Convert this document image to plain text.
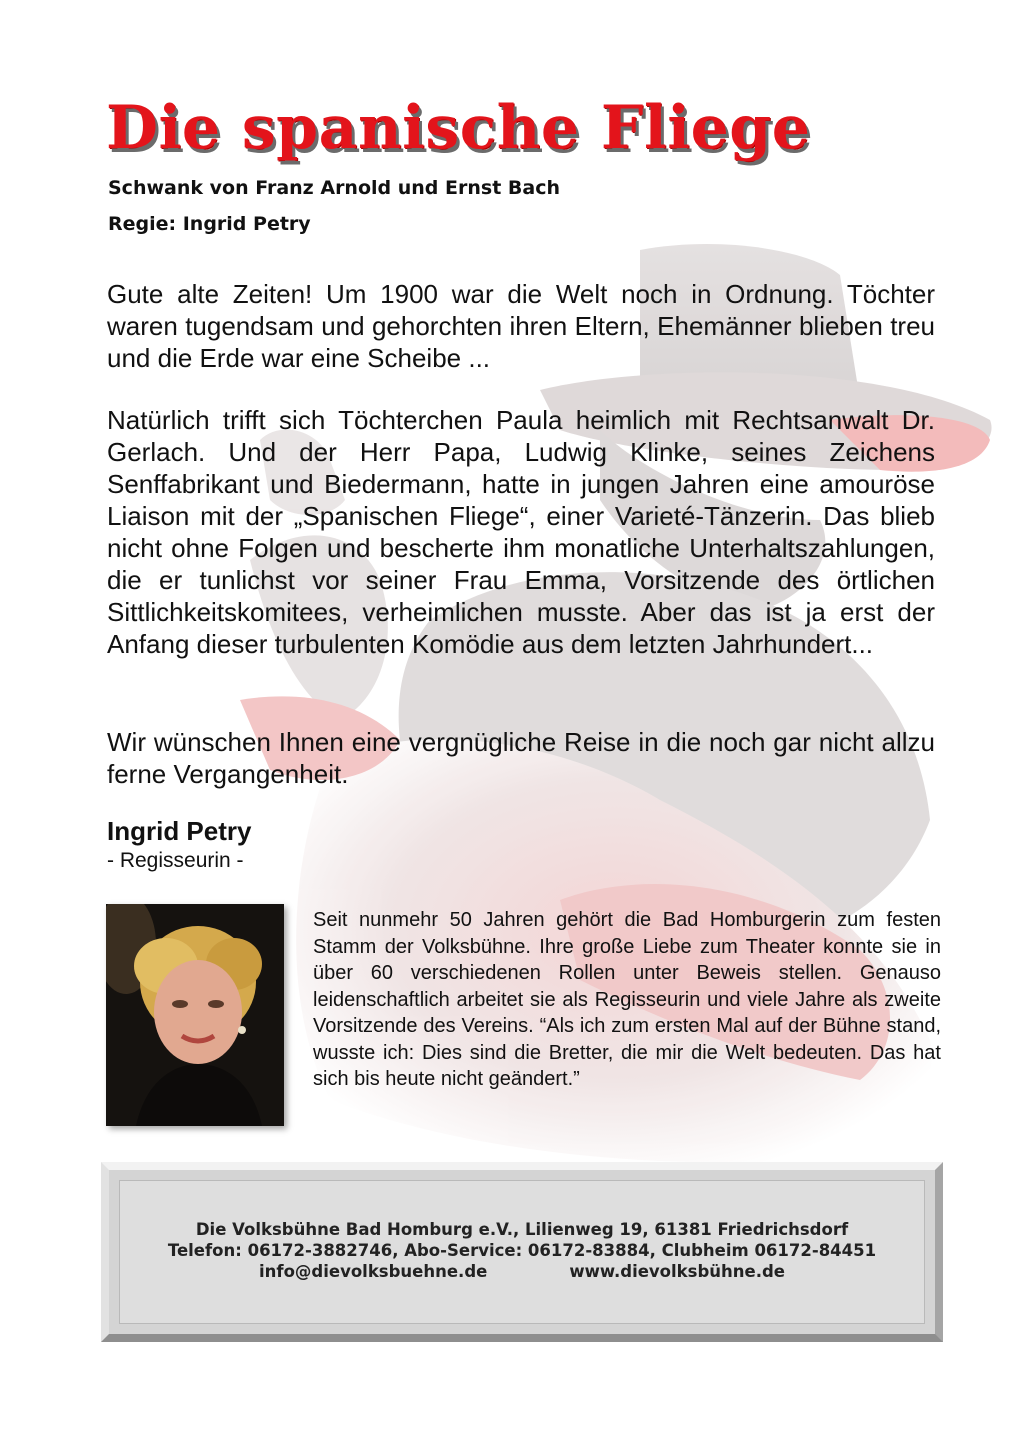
Die spanische Fliege

Schwank von Franz Arnold und Ernst Bach

Regie: Ingrid Petry

Gute alte Zeiten! Um 1900 war die Welt noch in Ordnung. Töchter waren tugendsam und gehorchten ihren Eltern, Ehemänner blieben treu und die Erde war eine Scheibe ...

Natürlich trifft sich Töchterchen Paula heimlich mit Rechtsanwalt Dr. Gerlach. Und der Herr Papa, Ludwig Klinke, seines Zeichens Senffabrikant und Biedermann, hatte in jungen Jahren eine amouröse Liaison mit der „Spanischen Fliege“, einer Varieté-Tänzerin. Das blieb nicht ohne Folgen und bescherte ihm monatliche Unterhaltszahlungen, die er tunlichst vor seiner Frau Emma, Vorsitzende des örtlichen Sittlichkeitskomitees, verheimlichen musste. Aber das ist ja erst der Anfang dieser turbulenten Komödie aus dem letzten Jahrhundert...

Wir wünschen Ihnen eine vergnügliche Reise in die noch gar nicht allzu ferne Vergangenheit.

Ingrid Petry

- Regisseurin -

Seit nunmehr 50 Jahren gehört die Bad Homburgerin zum festen Stamm der Volksbühne. Ihre große Liebe zum Theater konnte sie in über 60 verschiedenen Rollen unter Beweis stellen. Genauso leidenschaftlich arbeitet sie als Regisseurin und viele Jahre als zweite Vorsitzende des Vereins. “Als ich zum ersten Mal auf der Bühne stand, wusste ich: Dies sind die Bretter, die mir die Welt bedeuten. Das hat sich bis heute nicht geändert.”

Die Volksbühne Bad Homburg e.V., Lilienweg 19, 61381 Friedrichsdorf
Telefon: 06172-3882746, Abo-Service: 06172-83884, Clubheim 06172-84451
info@dievolksbuehne.de	www.dievolksbühne.de
